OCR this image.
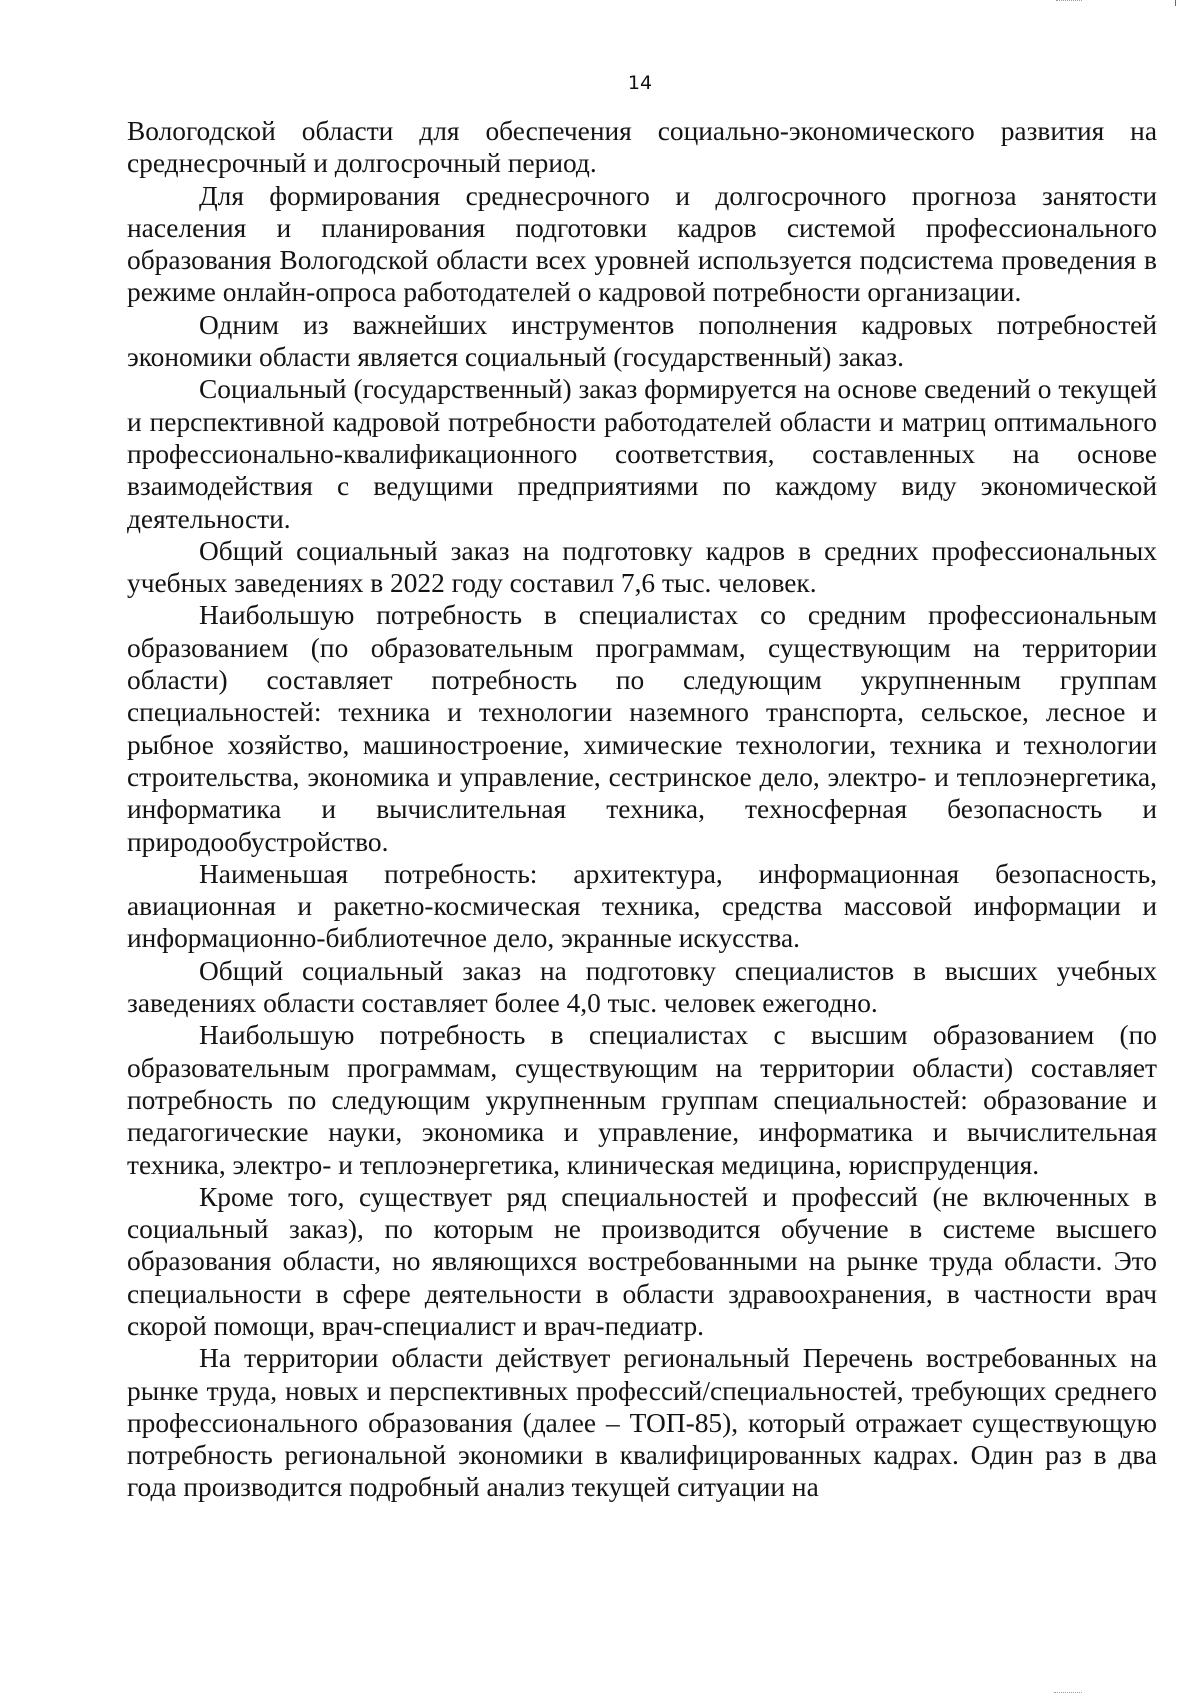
14

Вологодской области для обеспечения социально-экономического развития на среднесрочный и долгосрочный период.

Для формирования среднесрочного и долгосрочного прогноза занятости населения и планирования подготовки кадров системой профессионального образования Вологодской области всех уровней используется подсистема проведения в режиме онлайн-опроса работодателей о кадровой потребности организации.

Одним из важнейших инструментов пополнения кадровых потребностей экономики области является социальный (государственный) заказ.

Социальный (государственный) заказ формируется на основе сведений о текущей и перспективной кадровой потребности работодателей области и матриц оптимального профессионально-квалификационного соответствия, составленных на основе взаимодействия с ведущими предприятиями по каждому виду экономической деятельности.

Общий социальный заказ на подготовку кадров в средних профессиональных учебных заведениях в 2022 году составил 7,6 тыс. человек.

Наибольшую потребность в специалистах со средним профессиональным образованием (по образовательным программам, существующим на территории области) составляет потребность по следующим укрупненным группам специальностей: техника и технологии наземного транспорта, сельское, лесное и рыбное хозяйство, машиностроение, химические технологии, техника и технологии строительства, экономика и управление, сестринское дело, электро- и теплоэнергетика, информатика и вычислительная техника, техносферная безопасность и природообустройство.

Наименьшая потребность: архитектура, информационная безопасность, авиационная и ракетно-космическая техника, средства массовой информации и информационно-библиотечное дело, экранные искусства.

Общий социальный заказ на подготовку специалистов в высших учебных заведениях области составляет более 4,0 тыс. человек ежегодно.

Наибольшую потребность в специалистах с высшим образованием (по образовательным программам, существующим на территории области) составляет потребность по следующим укрупненным группам специальностей: образование и педагогические науки, экономика и управление, информатика и вычислительная техника, электро- и теплоэнергетика, клиническая медицина, юриспруденция.

Кроме того, существует ряд специальностей и профессий (не включенных в социальный заказ), по которым не производится обучение в системе высшего образования области, но являющихся востребованными на рынке труда области. Это специальности в сфере деятельности в области здравоохранения, в частности врач скорой помощи, врач-специалист и врач-педиатр.

На территории области действует региональный Перечень востребованных на рынке труда, новых и перспективных профессий/специальностей, требующих среднего профессионального образования (далее – ТОП-85), который отражает существующую потребность региональной экономики в квалифицированных кадрах. Один раз в два года производится подробный анализ текущей ситуации на
